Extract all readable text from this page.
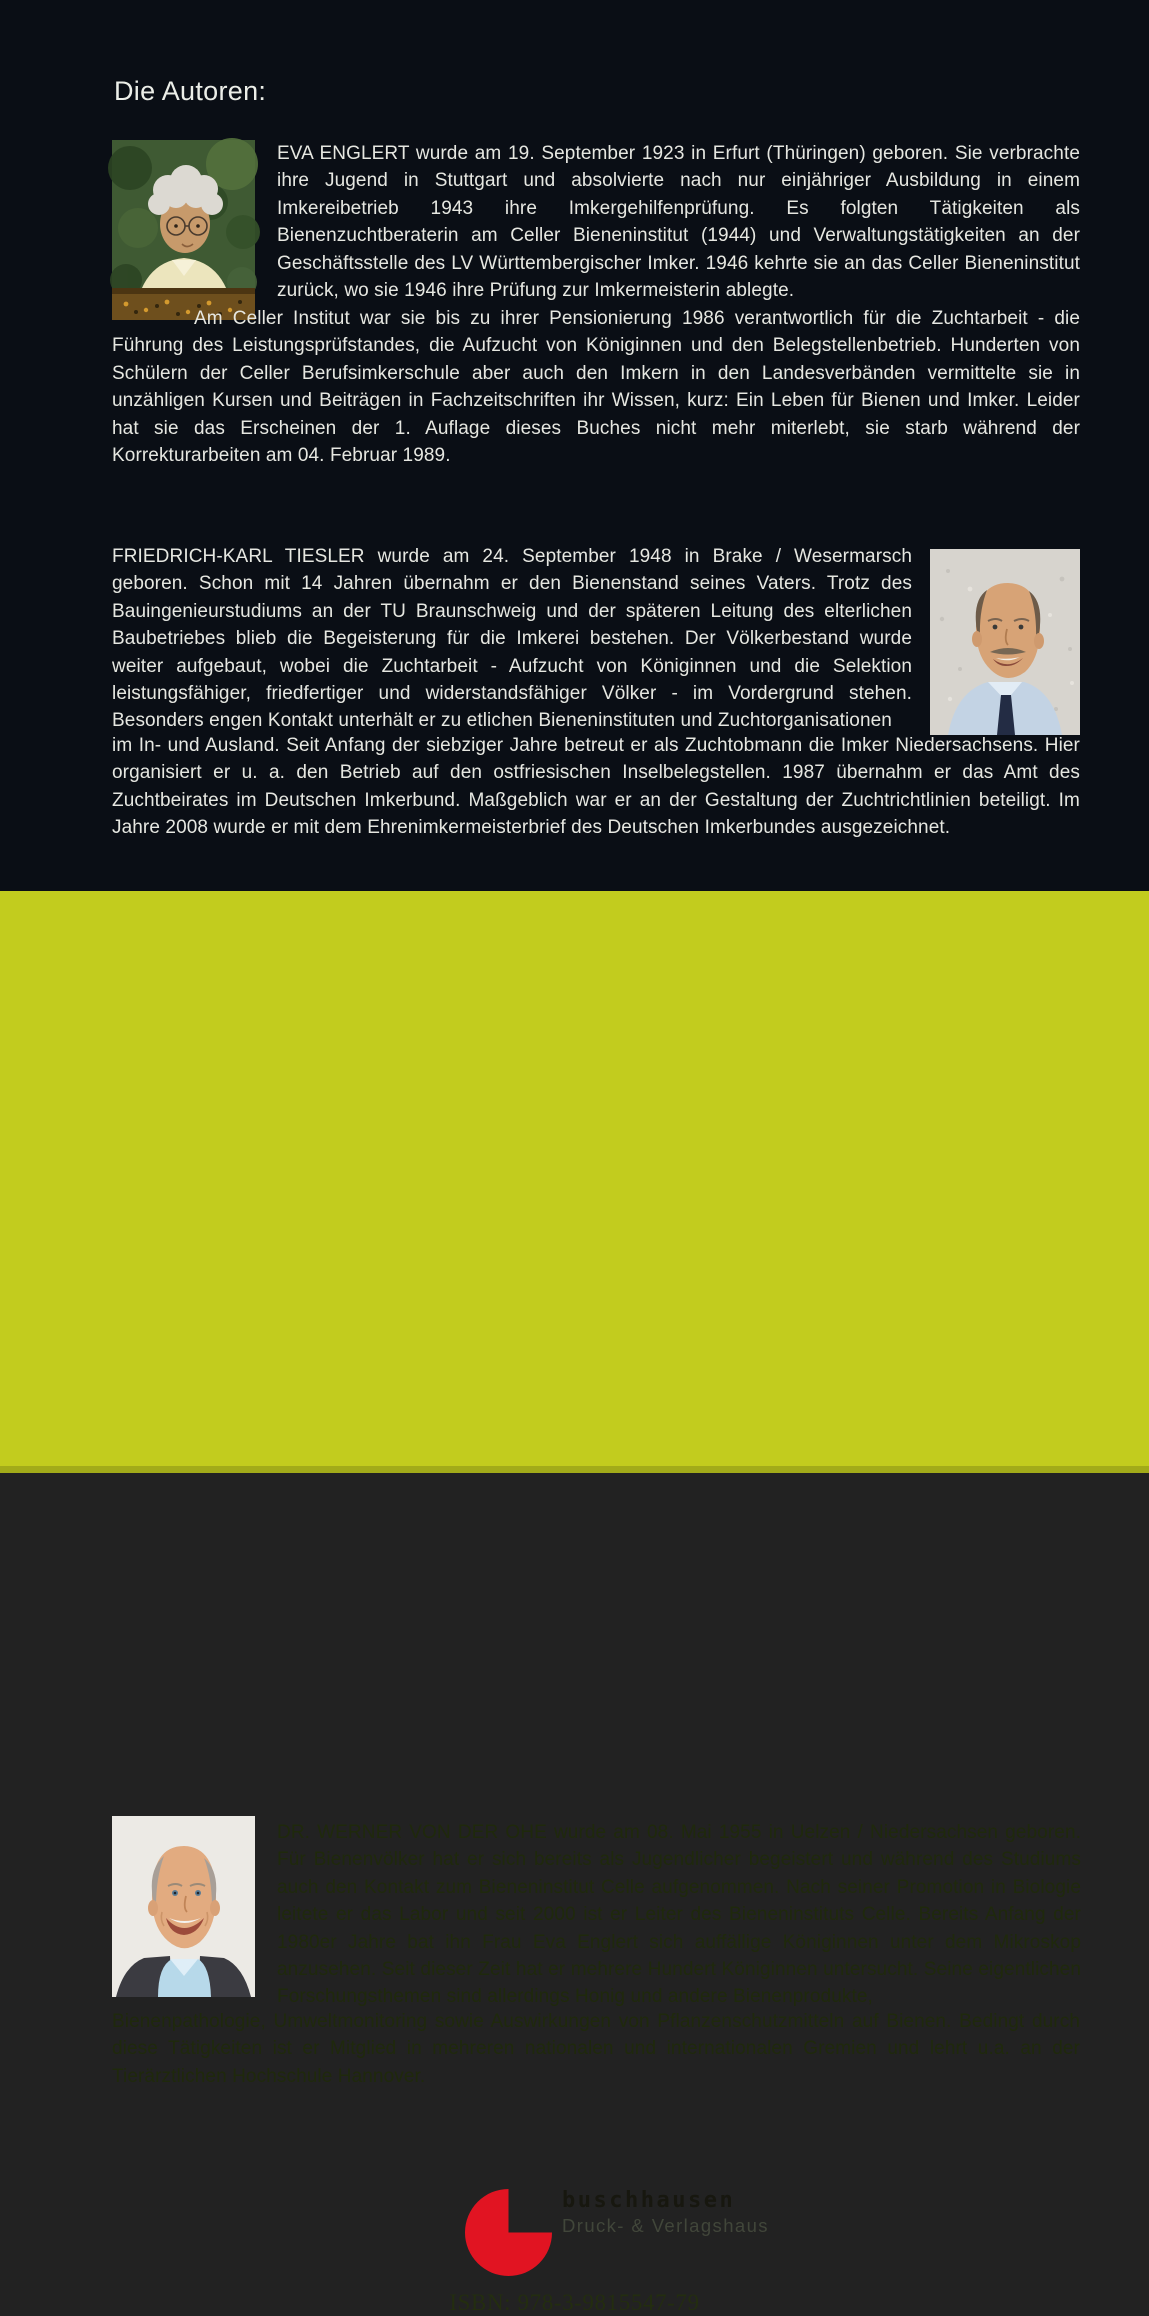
Die Autoren:

EVA ENGLERT wurde am 19. September 1923 in Erfurt (Thüringen) geboren. Sie verbrachte ihre Jugend in Stuttgart und absolvierte nach nur einjähriger Ausbildung in einem Imkereibetrieb 1943 ihre Imkergehilfenprüfung. Es folgten Tätigkeiten als Bienenzuchtberaterin am Celler Bieneninstitut (1944) und Verwaltungstätigkeiten an der Geschäftsstelle des LV Württembergischer Imker. 1946 kehrte sie an das Celler Bieneninstitut zurück, wo sie 1946 ihre Prüfung zur Imkermeisterin ablegte.

Am Celler Institut war sie bis zu ihrer Pensionierung 1986 verantwortlich für die Zuchtarbeit - die Führung des Leistungsprüfstandes, die Aufzucht von Königinnen und den Belegstellenbetrieb. Hunderten von Schülern der Celler Berufsimkerschule aber auch den Imkern in den Landesverbänden vermittelte sie in unzähligen Kursen und Beiträgen in Fachzeitschriften ihr Wissen, kurz: Ein Leben für Bienen und Imker. Leider hat sie das Erscheinen der 1. Auflage dieses Buches nicht mehr miterlebt, sie starb während der Korrekturarbeiten am 04. Februar 1989.

FRIEDRICH-KARL TIESLER wurde am 24. September 1948 in Brake / Wesermarsch geboren. Schon mit 14 Jahren übernahm er den Bienenstand seines Vaters. Trotz des Bauingenieurstudiums an der TU Braunschweig und der späteren Leitung des elterlichen Baubetriebes blieb die Begeisterung für die Imkerei bestehen. Der Völkerbestand wurde weiter aufgebaut, wobei die Zuchtarbeit - Aufzucht von Königinnen und die Selektion leistungsfähiger, friedfertiger und widerstandsfähiger Völker - im Vordergrund stehen. Besonders engen Kontakt unterhält er zu etlichen Bieneninstituten und Zuchtorganisationen

im In- und Ausland. Seit Anfang der siebziger Jahre betreut er als Zuchtobmann die Imker Niedersachsens. Hier organisiert er u. a. den Betrieb auf den ostfriesischen Inselbelegstellen. 1987 übernahm er das Amt des Zuchtbeirates im Deutschen Imkerbund. Maßgeblich war er an der Gestaltung der Zuchtrichtlinien beteiligt. Im Jahre 2008 wurde er mit dem Ehrenimkermeisterbrief des Deutschen Imkerbundes ausgezeichnet.

DR. WERNER VON DER OHE wurde am 08. Mai 1955 in Uelzen / Niedersachsen geboren. Für Bienenvölker hat er sich bereits als Jugendlicher begeistert und während des Studiums auch den Kontakt zum Bieneninstitut Celle aufgenommen. Nach seiner Promotion in Biologie leitete er das Labor und seit 2000 ist er Leiter des Bieneninstituts Celle. Bereits Anfang der 1980er Jahre bat ihn Frau Eva Englert sich auffällige Königinnen unter dem Mikroskop anzusehen. Seit dieser Zeit hat er mehrere Hundert Königinnen untersucht. Seine eigentlichen Forschungsthemen sind allerdings Honig und andere Bienenprodukte,

Bienenpathologie, Umweltmonitoring sowie Auswirkungen von Pflanzenschutzmitteln auf Bienen. Bedingt durch diese Tätigkeiten ist er Mitglied in mehreren nationalen und internationalen Gremien und lehrt u.a. an der Tierärztlichen Hochschule Hannover.

buschhausen
Druck- & Verlagshaus
ISBN: 978-3-9815547-79
